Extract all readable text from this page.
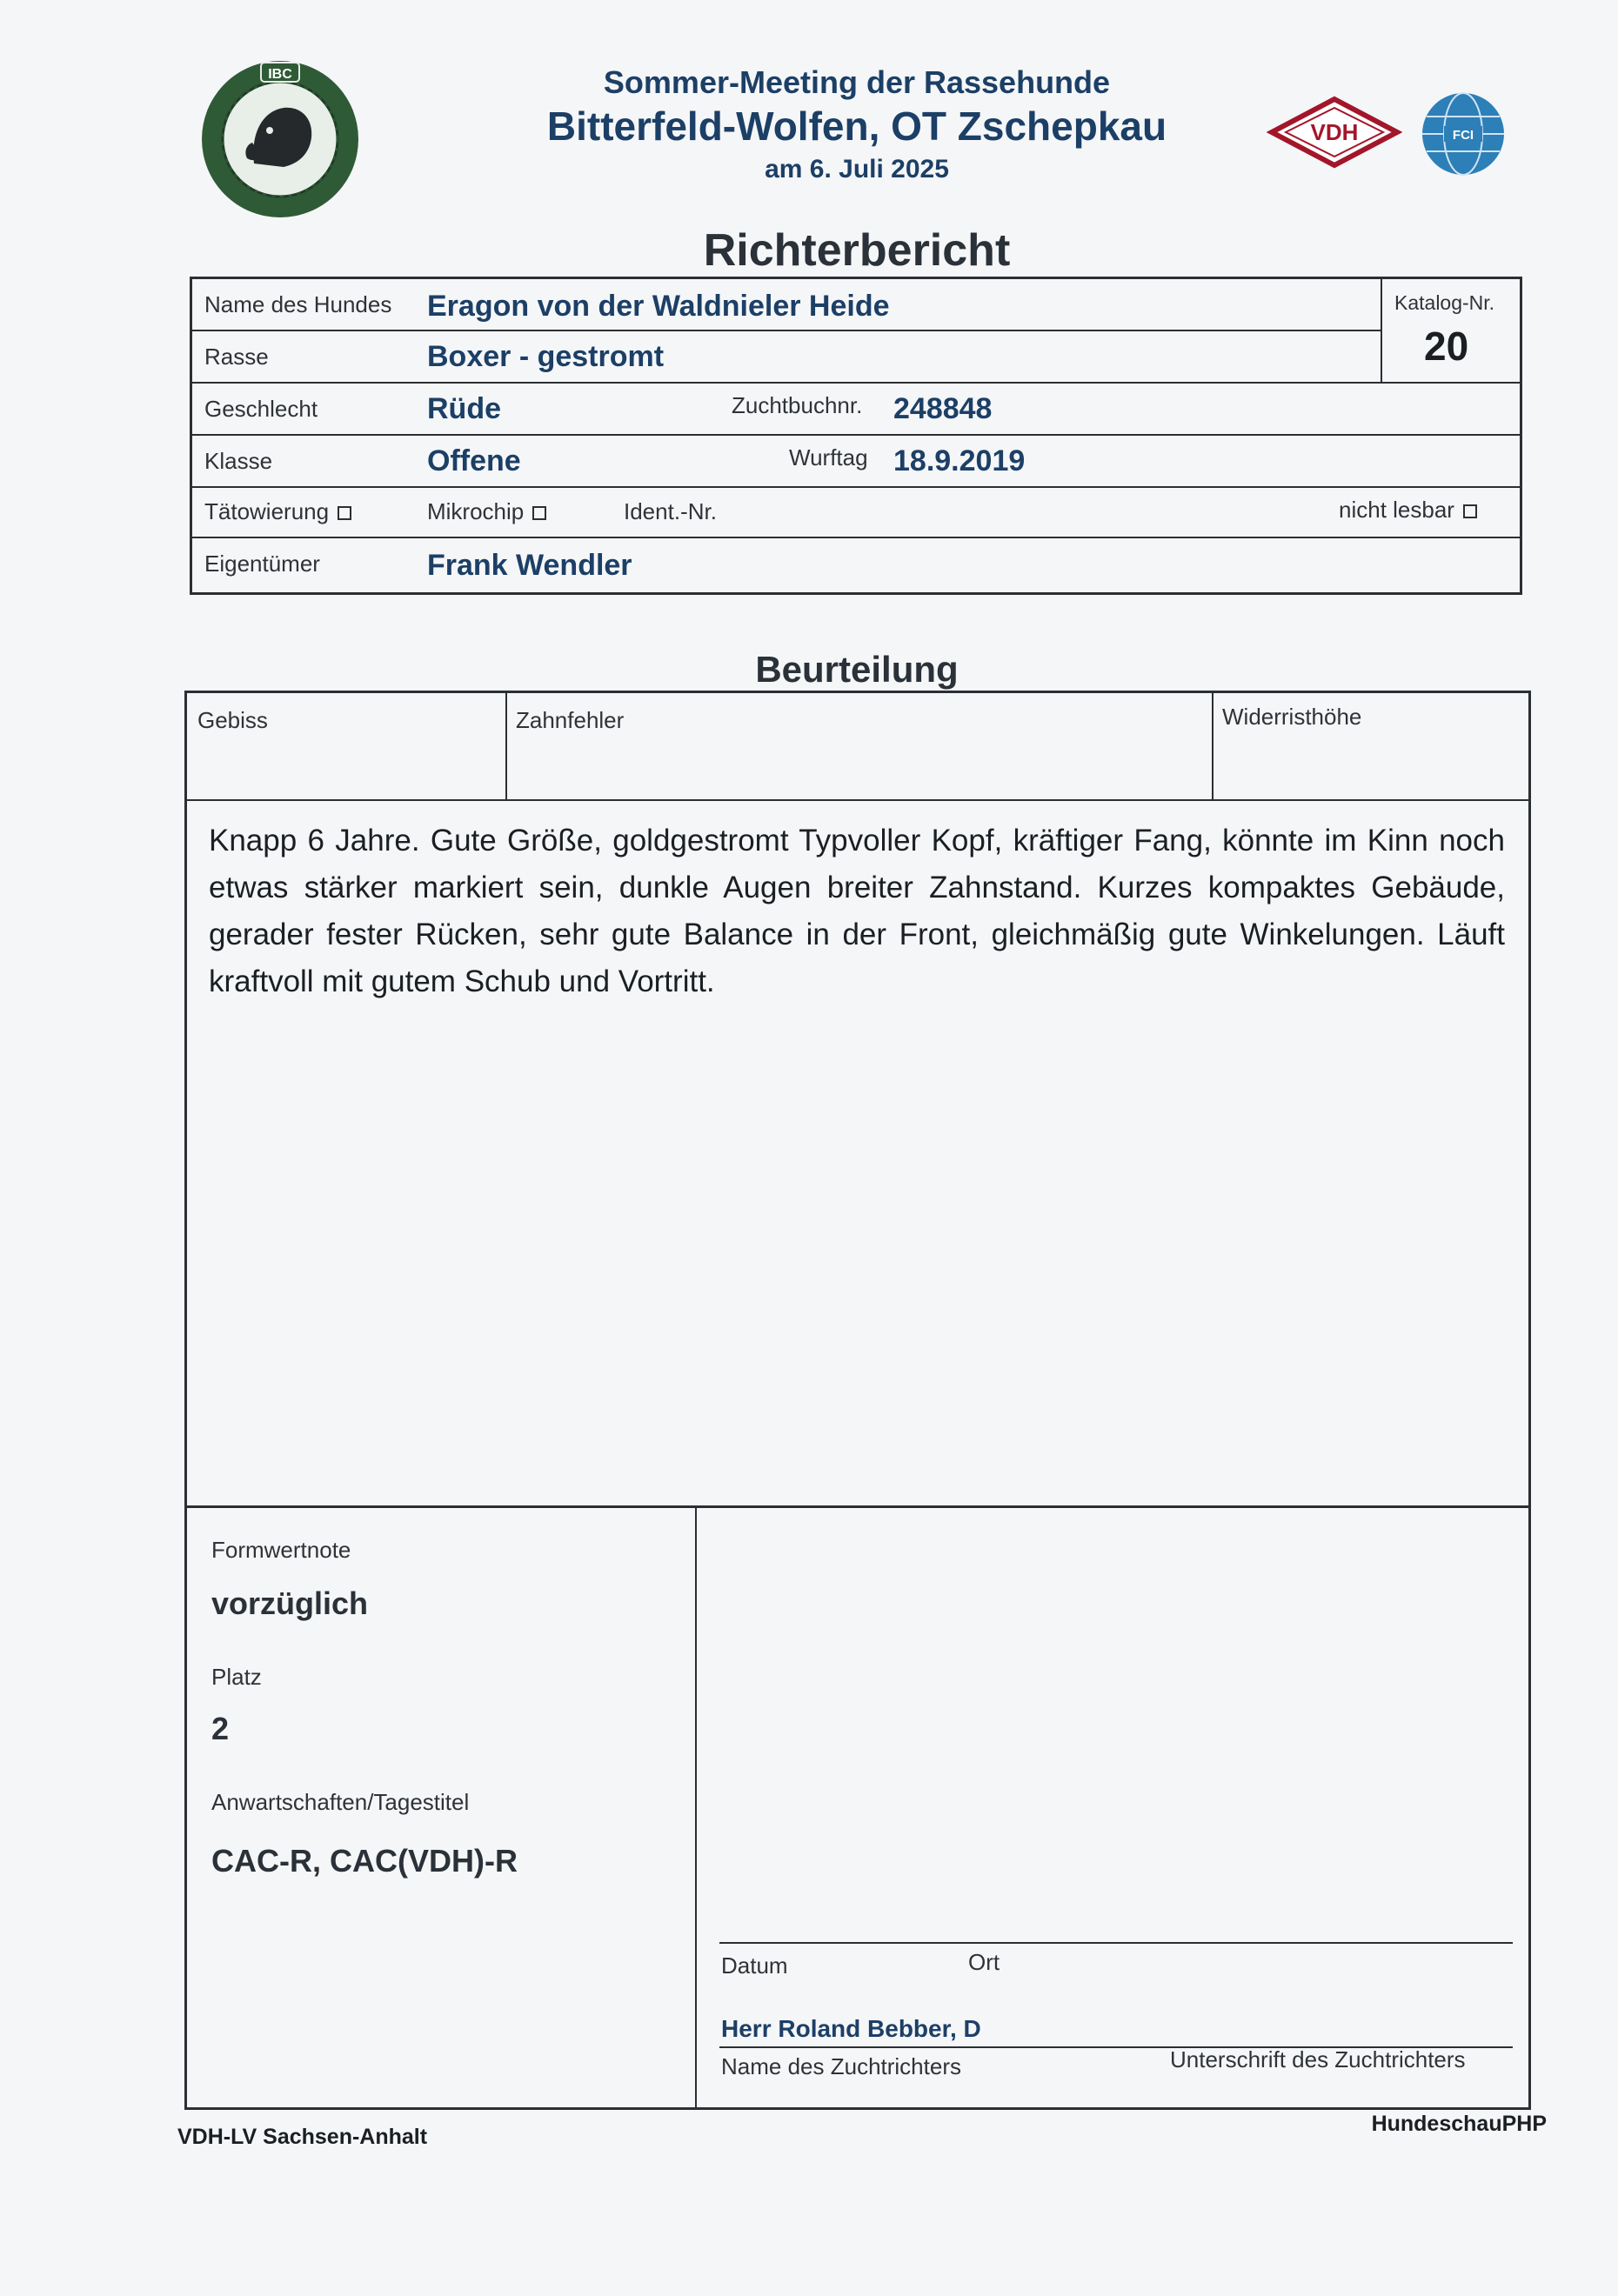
IBC
VDH	FCI
Sommer-Meeting der Rassehunde
Bitterfeld-Wolfen, OT Zschepkau
am 6. Juli 2025
Richterbericht
Name des Hundes Eragon von der Waldnieler Heide	Katalog-Nr.
20
Rasse	Boxer - gestromt
Geschlecht	Rüde	Zuchtbuchnr. 248848
Klasse	Offene	Wurftag 18.9.2019
Tätowierung	Mikrochip	Ident.-Nr.	nicht lesbar
Eigentümer	Frank Wendler
Beurteilung
Gebiss	Zahnfehler	Widerristhöhe
Formwertnote
vorzüglich
Platz
2
Anwartschaften/Tagestitel
CAC-R, CAC(VDH)-R
Datum	Ort
Herr Roland Bebber, D
Name des Zuchtrichters	Unterschrift des Zuchtrichters
Knapp 6 Jahre. Gute Größe, goldgestromt Typvoller Kopf, kräftiger Fang, könnte im Kinn noch etwas stärker markiert sein, dunkle Augen breiter Zahnstand. Kurzes kompaktes Gebäude, gerader fester Rücken, sehr gute Balance in der Front, gleichmäßig gute Winkelungen. Läuft kraftvoll mit gutem Schub und Vortritt.
VDH-LV Sachsen-Anhalt
HundeschauPHP
